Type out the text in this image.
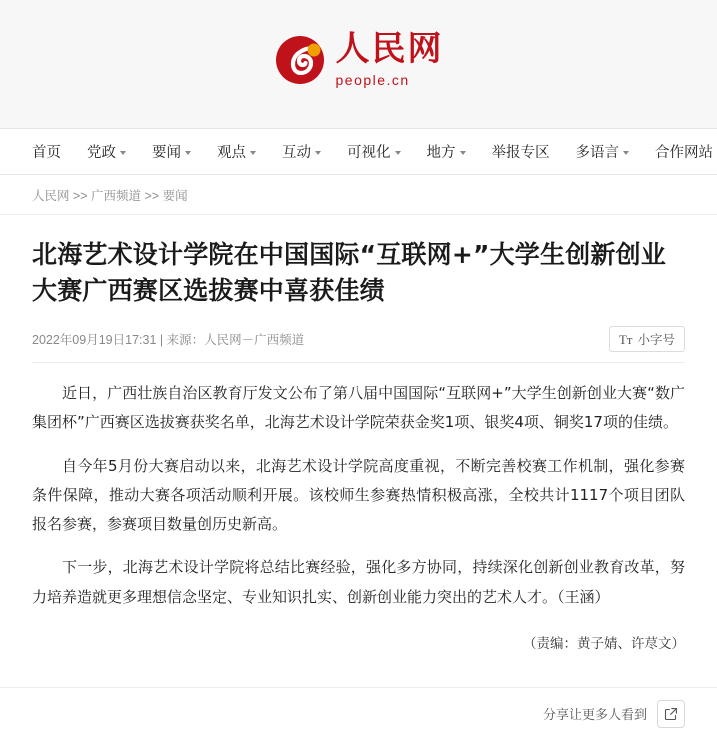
人民网
people.cn
首页 党政 要闻 观点 互动 可视化 地方 举报专区 多语言 合作网站
人民网 >> 广西频道 >> 要闻
北海艺术设计学院在中国国际“互联网+”大学生创新创业大赛广西赛区选拔赛中喜获佳绩
2022年09月19日17:31 | 来源：人民网－广西频道	Tᴛ 小字号

近日，广西壮族自治区教育厅发文公布了第八届中国国际“互联网+”大学生创新创业大赛“数广集团杯”广西赛区选拔赛获奖名单，北海艺术设计学院荣获金奖1项、银奖4项、铜奖17项的佳绩。

自今年5月份大赛启动以来，北海艺术设计学院高度重视，不断完善校赛工作机制，强化参赛条件保障，推动大赛各项活动顺利开展。该校师生参赛热情积极高涨，全校共计1117个项目团队报名参赛，参赛项目数量创历史新高。

下一步，北海艺术设计学院将总结比赛经验，强化多方协同，持续深化创新创业教育改革，努力培养造就更多理想信念坚定、专业知识扎实、创新创业能力突出的艺术人才。（王涵）

（责编：黄子婧、许荩文）

分享让更多人看到
